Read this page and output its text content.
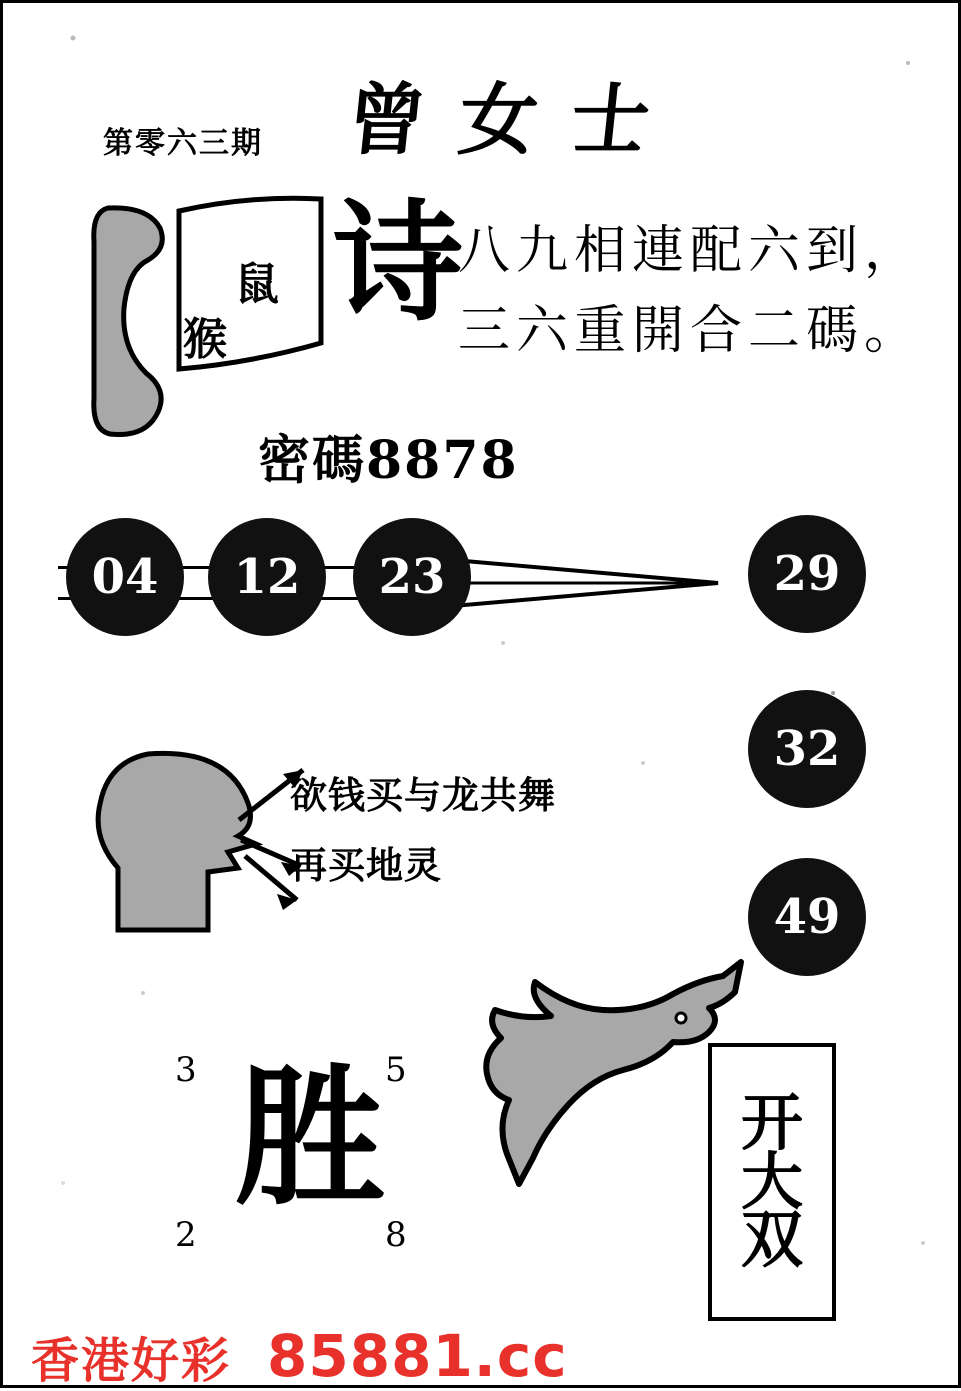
第零六三期 曾女士
鼠
猴
诗
八九相連配六到，
三六重開合二碼。
密碼8878
04	12	23	29
32
49
欲钱买与龙共舞
再买地灵
3	5
2	8
胜	开
大
双
香港好彩 85881.cc
